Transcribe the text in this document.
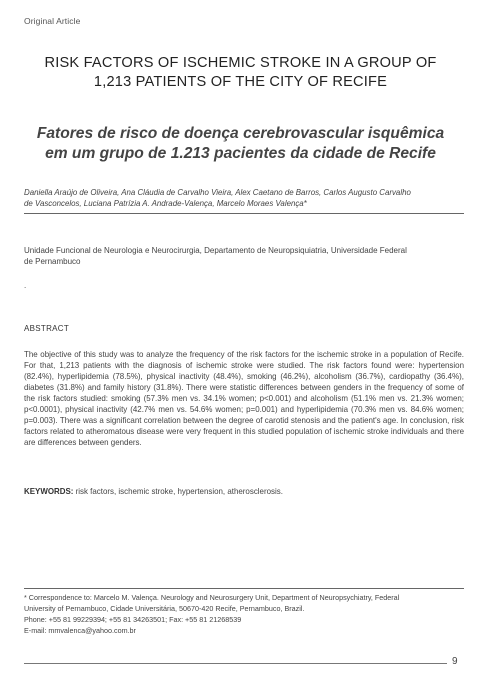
Original Article
RISK FACTORS OF ISCHEMIC STROKE IN A GROUP OF
1,213 PATIENTS OF THE CITY OF RECIFE
Fatores de risco de doença cerebrovascular isquêmica
em um grupo de 1.213 pacientes da cidade de Recife
Daniella Araújo de Oliveira, Ana Cláudia de Carvalho Vieira, Alex Caetano de Barros, Carlos Augusto Carvalho
de Vasconcelos, Luciana Patrízia A. Andrade-Valença, Marcelo Moraes Valença*
Unidade Funcional de Neurologia e Neurocirurgia, Departamento de Neuropsiquiatria, Universidade Federal
de Pernambuco
.
ABSTRACT
The objective of this study was to analyze the frequency of the risk factors for the ischemic stroke in a population of Recife. For that, 1,213 patients with the diagnosis of ischemic stroke were studied. The risk factors found were: hypertension (82.4%), hyperlipidemia (78.5%), physical inactivity (48.4%), smoking (46.2%), alcoholism (36.7%), cardiopathy (36.4%), diabetes (31.8%) and family history (31.8%). There were statistic differences between genders in the frequency of some of the risk factors studied: smoking (57.3% men vs. 34.1% women; p<0.001) and alcoholism (51.1% men vs. 21.3% women; p<0.0001), physical inactivity (42.7% men vs. 54.6% women; p=0.001) and hyperlipidemia (70.3% men vs. 84.6% women; p=0.003). There was a significant correlation between the degree of carotid stenosis and the patient's age. In conclusion, risk factors related to atheromatous disease were very frequent in this studied population of ischemic stroke individuals and there are differences between genders.
KEYWORDS: risk factors, ischemic stroke, hypertension, atherosclerosis.
* Correspondence to: Marcelo M. Valença. Neurology and Neurosurgery Unit, Department of Neuropsychiatry, Federal
University of Pernambuco, Cidade Universitária, 50670-420 Recife, Pernambuco, Brazil.
Phone: +55 81 99229394; +55 81 34263501; Fax: +55 81 21268539
E-mail: mmvalenca@yahoo.com.br
9
